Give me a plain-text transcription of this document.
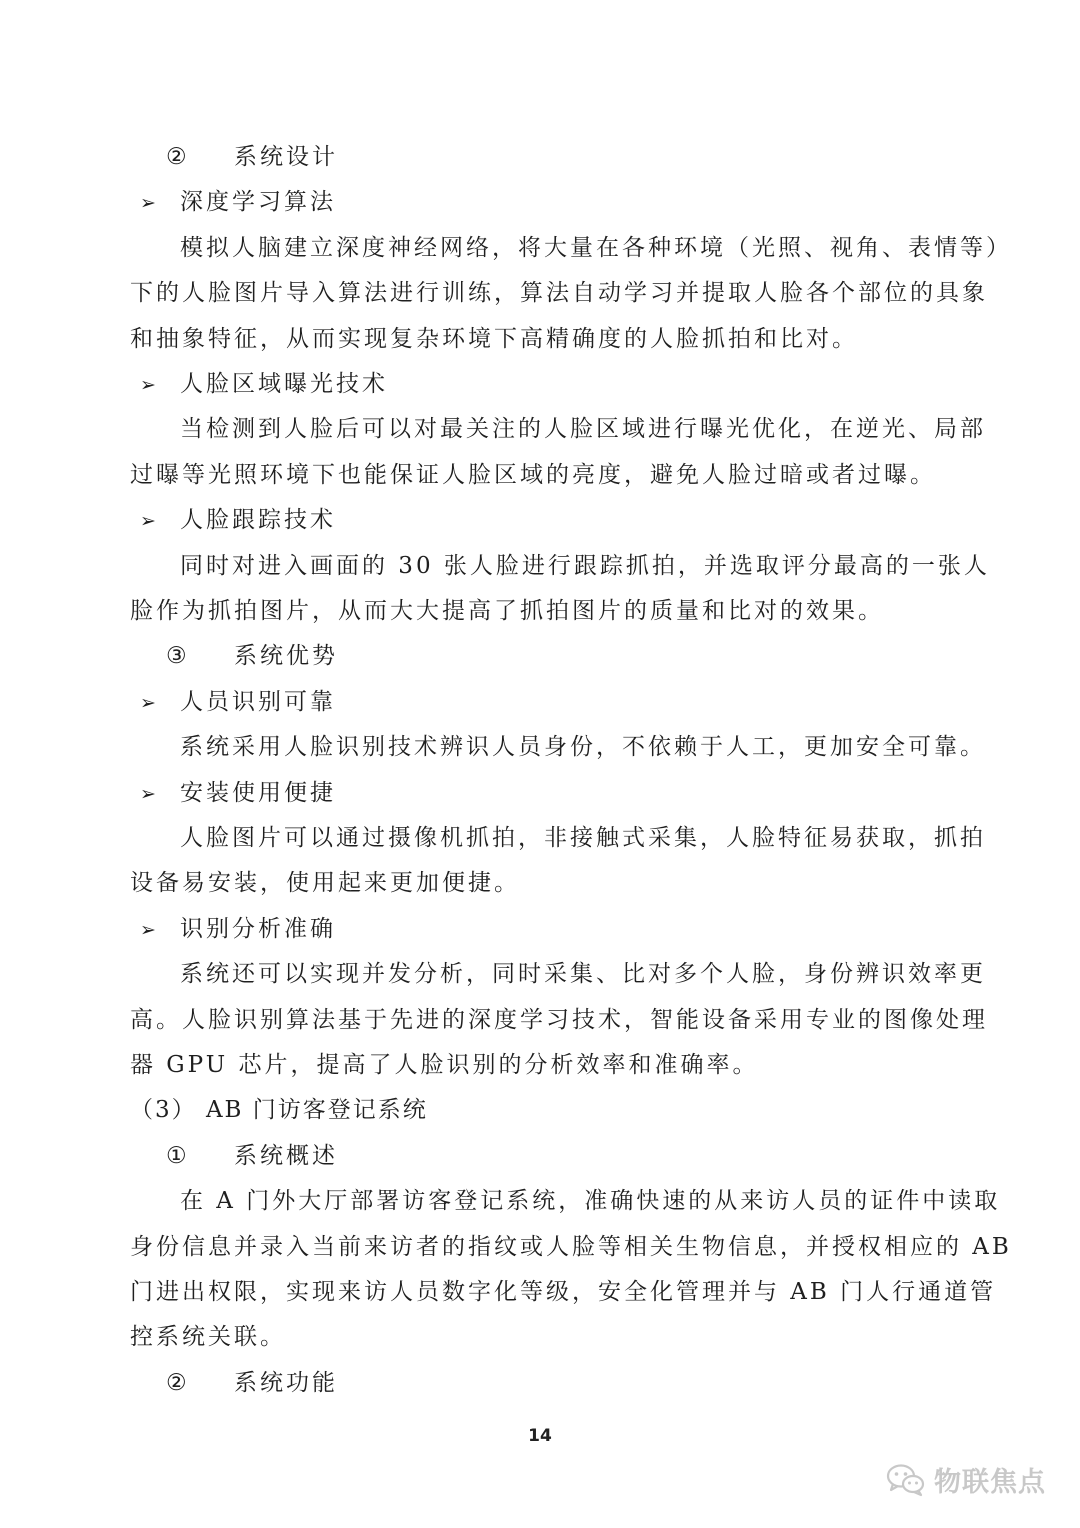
14
物联焦点
② 系统设计
➢ 深度学习算法
模拟人脑建立深度神经网络，将大量在各种环境（光照、视角、表情等）
下的人脸图片导入算法进行训练，算法自动学习并提取人脸各个部位的具象
和抽象特征，从而实现复杂环境下高精确度的人脸抓拍和比对。
➢ 人脸区域曝光技术
当检测到人脸后可以对最关注的人脸区域进行曝光优化，在逆光、局部
过曝等光照环境下也能保证人脸区域的亮度，避免人脸过暗或者过曝。
➢ 人脸跟踪技术
同时对进入画面的 30 张人脸进行跟踪抓拍，并选取评分最高的一张人
脸作为抓拍图片，从而大大提高了抓拍图片的质量和比对的效果。
③ 系统优势
➢ 人员识别可靠
系统采用人脸识别技术辨识人员身份，不依赖于人工，更加安全可靠。
➢ 安装使用便捷
人脸图片可以通过摄像机抓拍，非接触式采集，人脸特征易获取，抓拍
设备易安装，使用起来更加便捷。
➢ 识别分析准确
系统还可以实现并发分析，同时采集、比对多个人脸，身份辨识效率更
高。人脸识别算法基于先进的深度学习技术，智能设备采用专业的图像处理
器 GPU 芯片，提高了人脸识别的分析效率和准确率。
（3） AB 门访客登记系统
① 系统概述
在 A 门外大厅部署访客登记系统，准确快速的从来访人员的证件中读取
身份信息并录入当前来访者的指纹或人脸等相关生物信息，并授权相应的 AB
门进出权限，实现来访人员数字化等级，安全化管理并与 AB 门人行通道管
控系统关联。
② 系统功能
